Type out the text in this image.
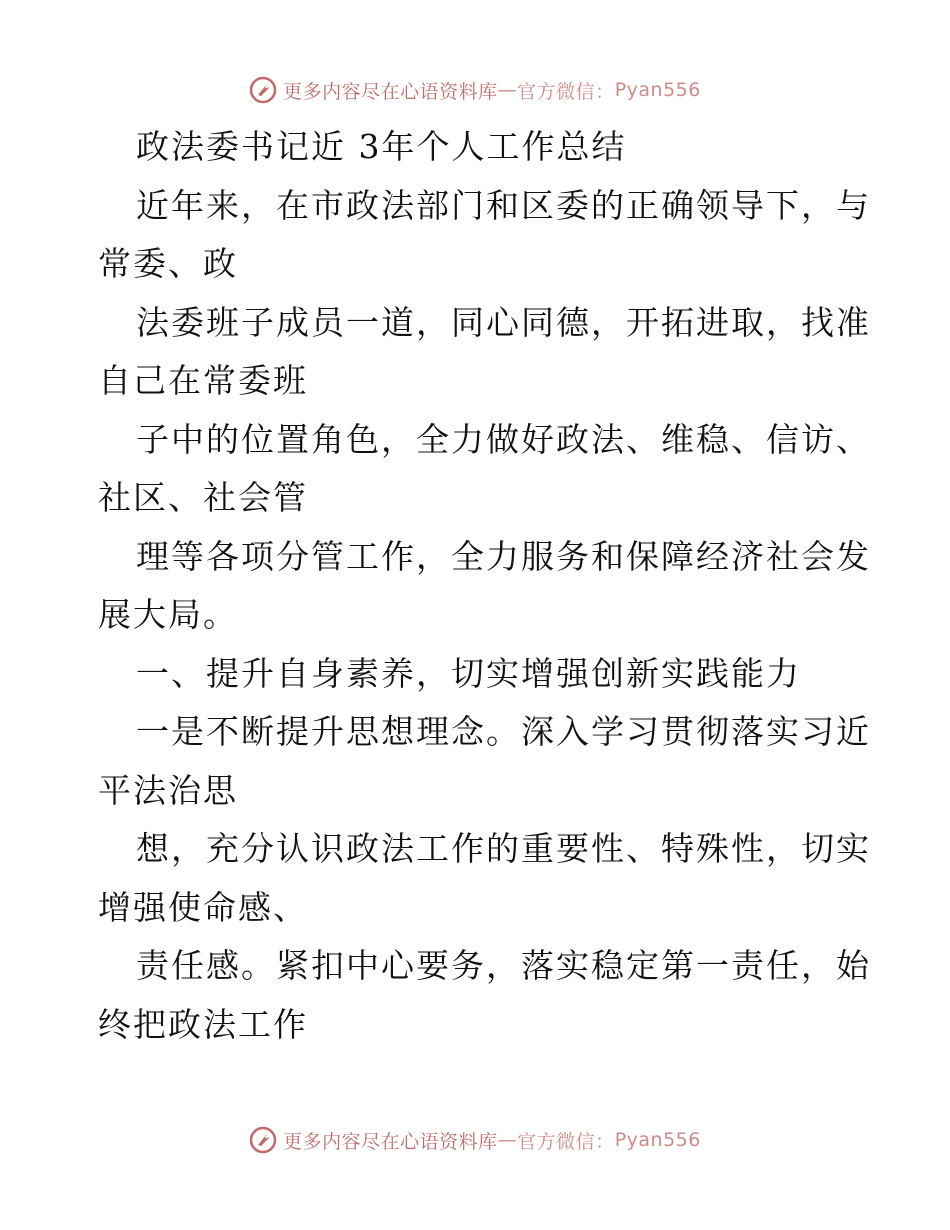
更多内容尽在心语资料库 — 官方微信： Pyan556
政法委书记近 3年个人工作总结
近年来，在市政法部门和区委的正确领导下，与
常委、政
法委班子成员一道，同心同德，开拓进取，找准
自己在常委班
子中的位置角色，全力做好政法、维稳、信访、
社区、社会管
理等各项分管工作，全力服务和保障经济社会发
展大局。
一、提升自身素养，切实增强创新实践能力
一是不断提升思想理念。深入学习贯彻落实习近
平法治思
想，充分认识政法工作的重要性、特殊性，切实
增强使命感、
责任感。紧扣中心要务，落实稳定第一责任，始
终把政法工作
更多内容尽在心语资料库 — 官方微信： Pyan556
